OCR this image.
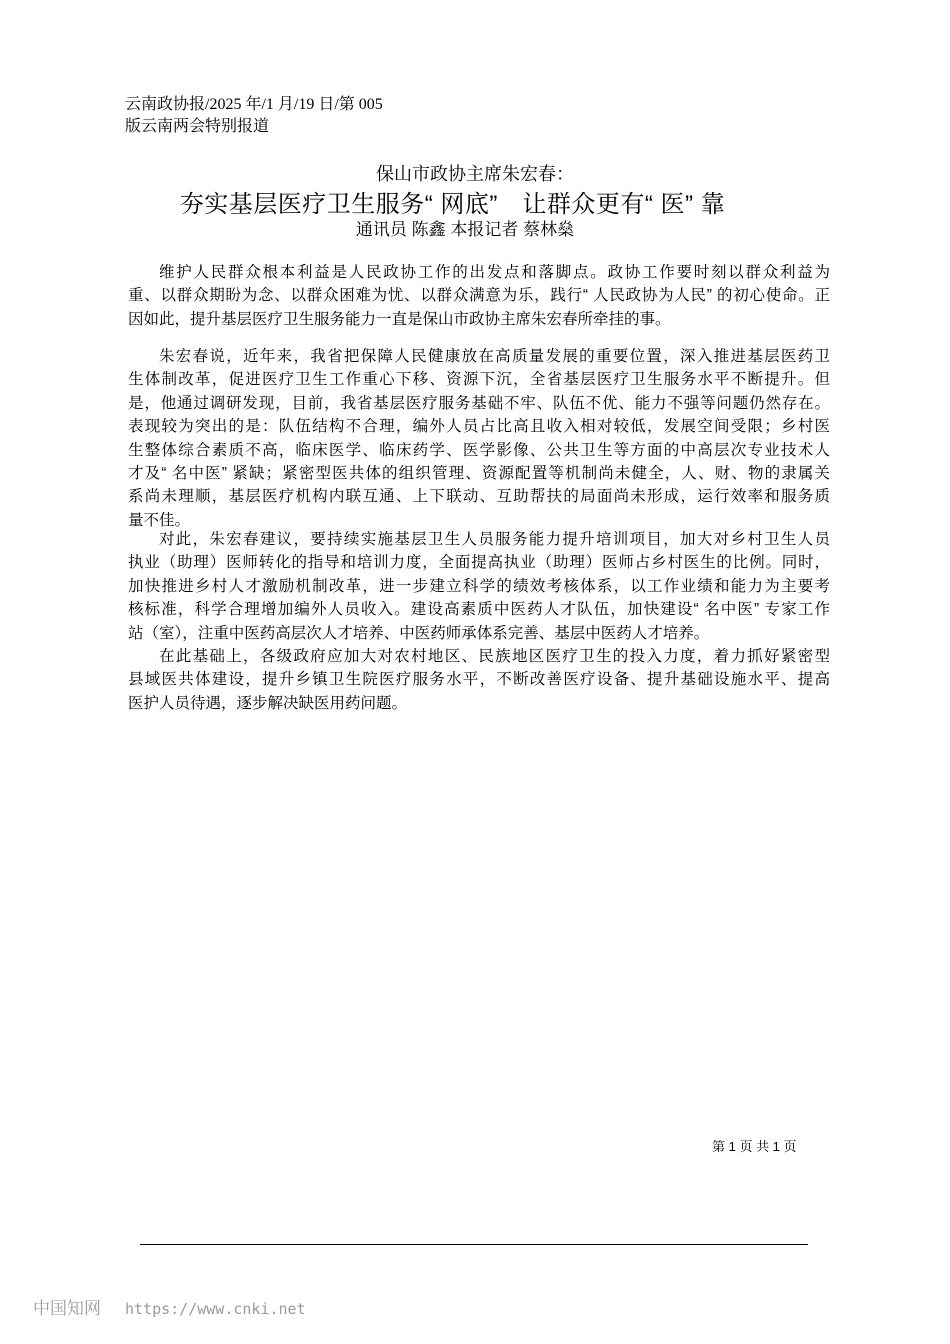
云南政协报/2025 年/1 月/19 日/第 005
版云南两会特别报道
保山市政协主席朱宏春：
夯实基层医疗卫生服务“ 网底”　让群众更有“ 医” 靠
通讯员 陈鑫 本报记者 蔡林燊
维护人民群众根本利益是人民政协工作的出发点和落脚点。政协工作要时刻以群众利益为
重、以群众期盼为念、以群众困难为忧、以群众满意为乐，践行“ 人民政协为人民” 的初心使命。正
因如此，提升基层医疗卫生服务能力一直是保山市政协主席朱宏春所牵挂的事。
朱宏春说，近年来，我省把保障人民健康放在高质量发展的重要位置，深入推进基层医药卫
生体制改革，促进医疗卫生工作重心下移、资源下沉，全省基层医疗卫生服务水平不断提升。但
是，他通过调研发现，目前，我省基层医疗服务基础不牢、队伍不优、能力不强等问题仍然存在。
表现较为突出的是：队伍结构不合理，编外人员占比高且收入相对较低，发展空间受限；乡村医
生整体综合素质不高，临床医学、临床药学、医学影像、公共卫生等方面的中高层次专业技术人
才及“ 名中医” 紧缺；紧密型医共体的组织管理、资源配置等机制尚未健全，人、财、物的隶属关
系尚未理顺，基层医疗机构内联互通、上下联动、互助帮扶的局面尚未形成，运行效率和服务质
量不佳。
对此，朱宏春建议，要持续实施基层卫生人员服务能力提升培训项目，加大对乡村卫生人员
执业（助理）医师转化的指导和培训力度，全面提高执业（助理）医师占乡村医生的比例。同时，
加快推进乡村人才激励机制改革，进一步建立科学的绩效考核体系，以工作业绩和能力为主要考
核标准，科学合理增加编外人员收入。建设高素质中医药人才队伍，加快建设“ 名中医” 专家工作
站（室），注重中医药高层次人才培养、中医药师承体系完善、基层中医药人才培养。
在此基础上，各级政府应加大对农村地区、民族地区医疗卫生的投入力度，着力抓好紧密型
县域医共体建设，提升乡镇卫生院医疗服务水平，不断改善医疗设备、提升基础设施水平、提高
医护人员待遇，逐步解决缺医用药问题。
第 1 页 共 1 页
中国知网 https://www.cnki.net
